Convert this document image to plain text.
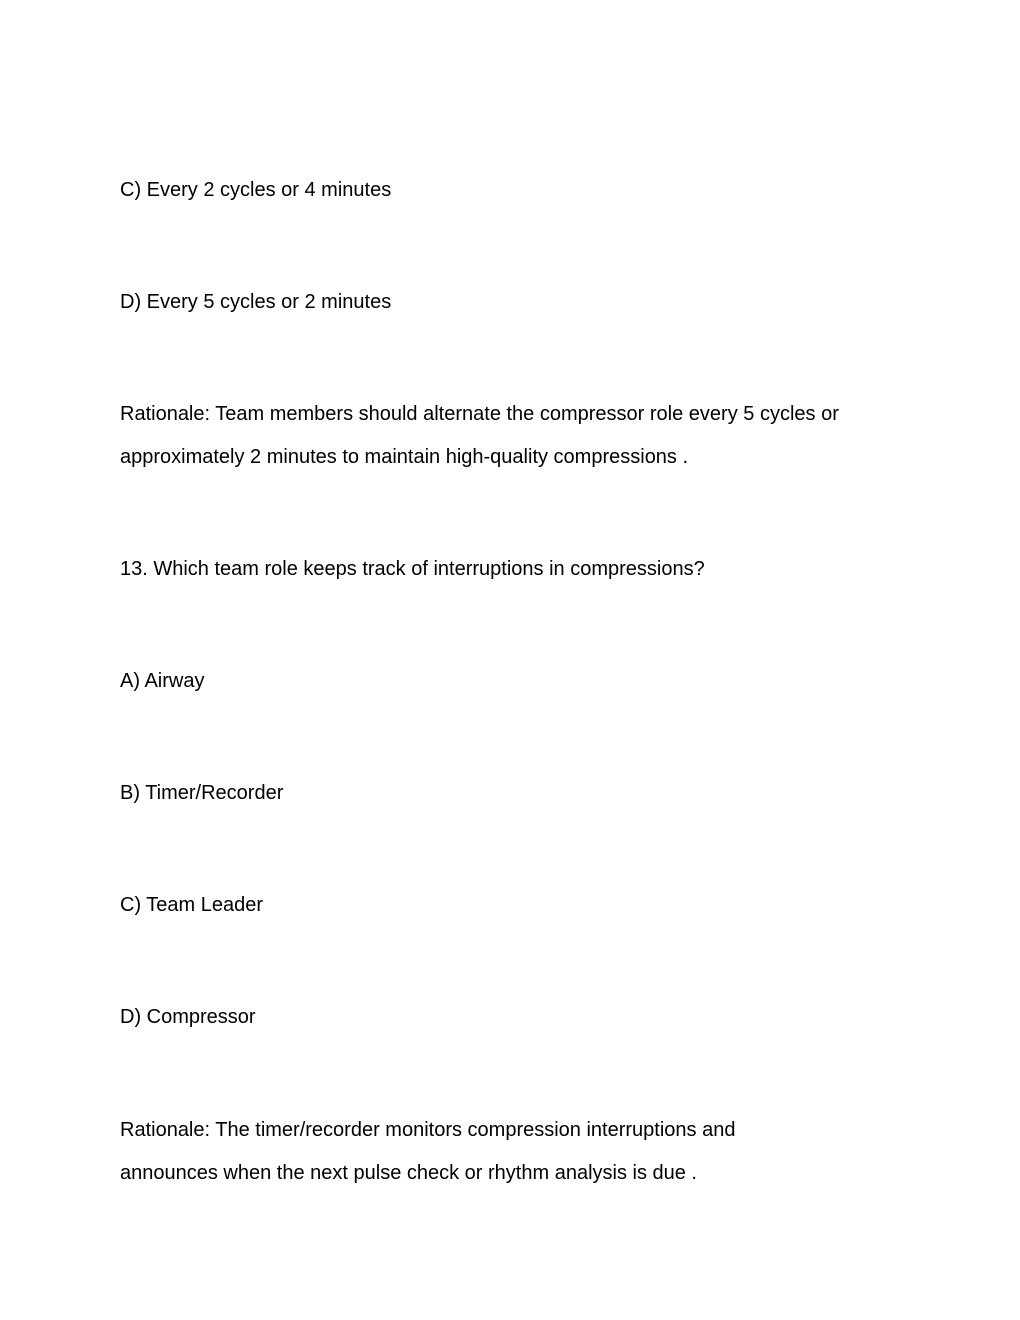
C) Every 2 cycles or 4 minutes

D) Every 5 cycles or 2 minutes

Rationale: Team members should alternate the compressor role every 5 cycles or
approximately 2 minutes to maintain high-quality compressions .

13. Which team role keeps track of interruptions in compressions?

A) Airway

B) Timer/Recorder

C) Team Leader

D) Compressor

Rationale: The timer/recorder monitors compression interruptions and
announces when the next pulse check or rhythm analysis is due .
